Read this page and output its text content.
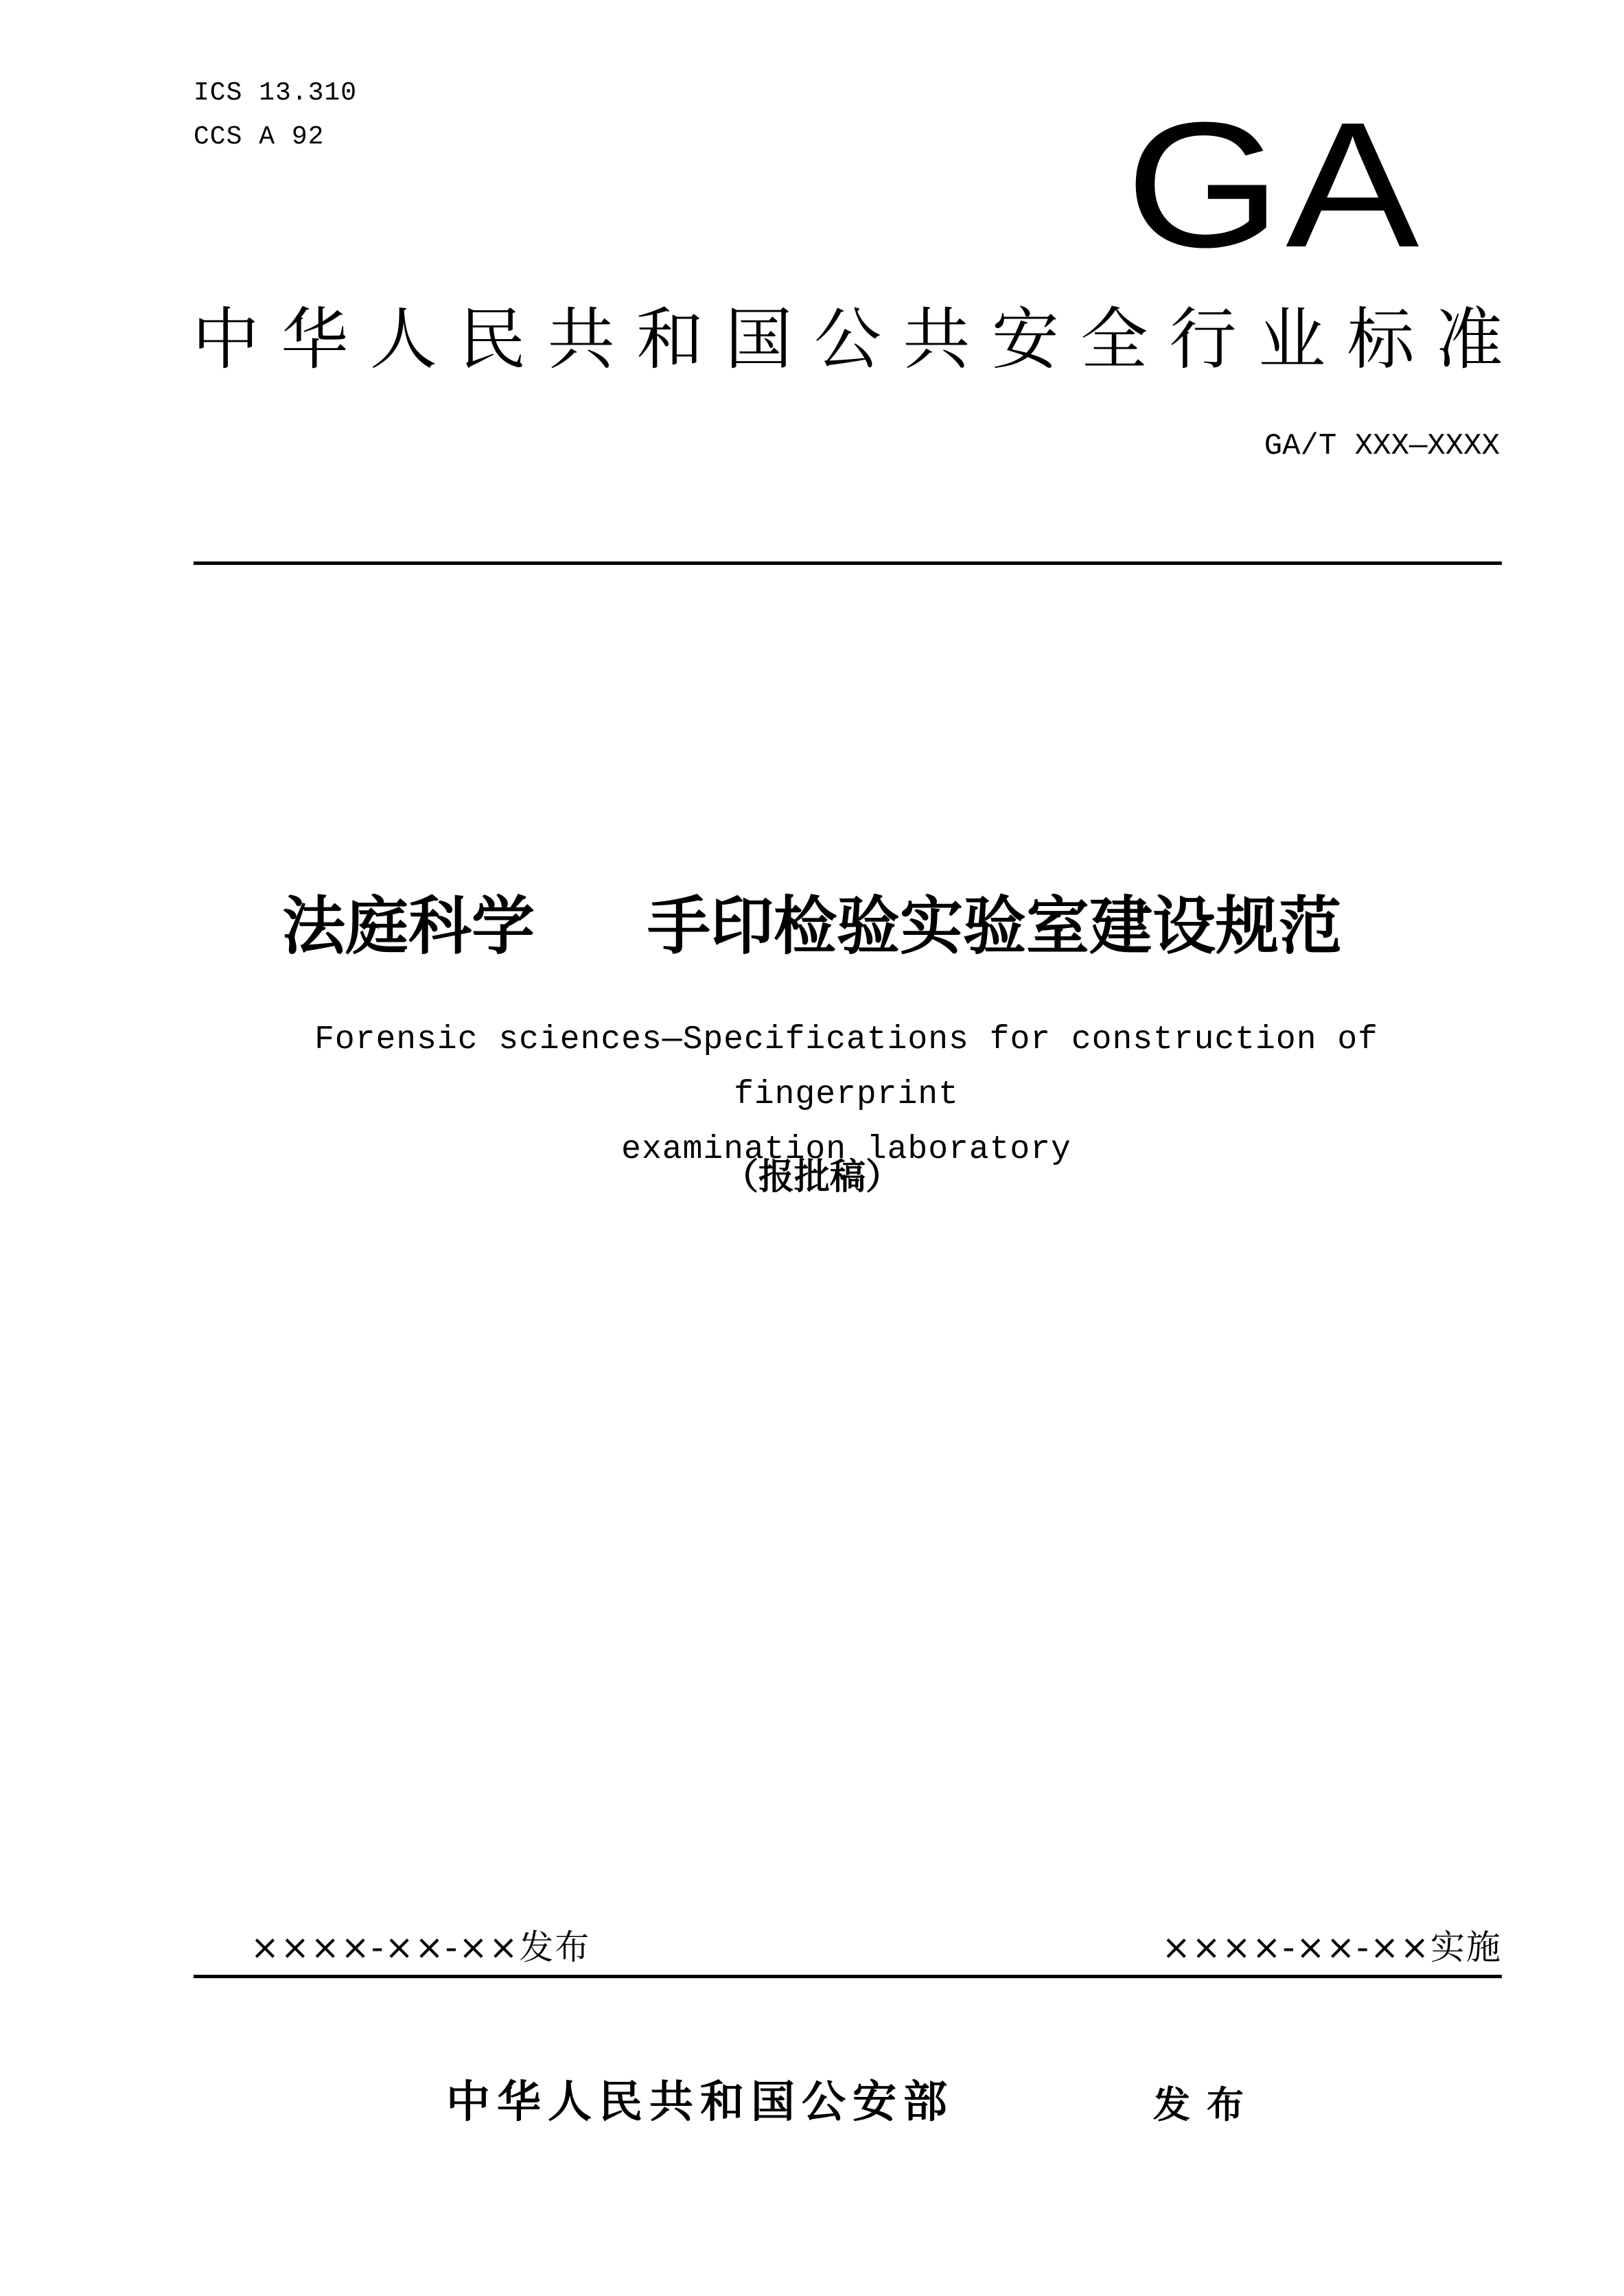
ICS 13.310
CCS A 92	GA
中 华 人 民 共 和 国 公 共 安 全 行 业 标 准
GA/T XXX—XXXX
法庭科学  手印检验实验室建设规范
Forensic sciences—Specifications for construction of fingerprint
examination laboratory
（报批稿）
××××-××-××发布	××××-××-××实施
中华人民共和国公安部	发布
